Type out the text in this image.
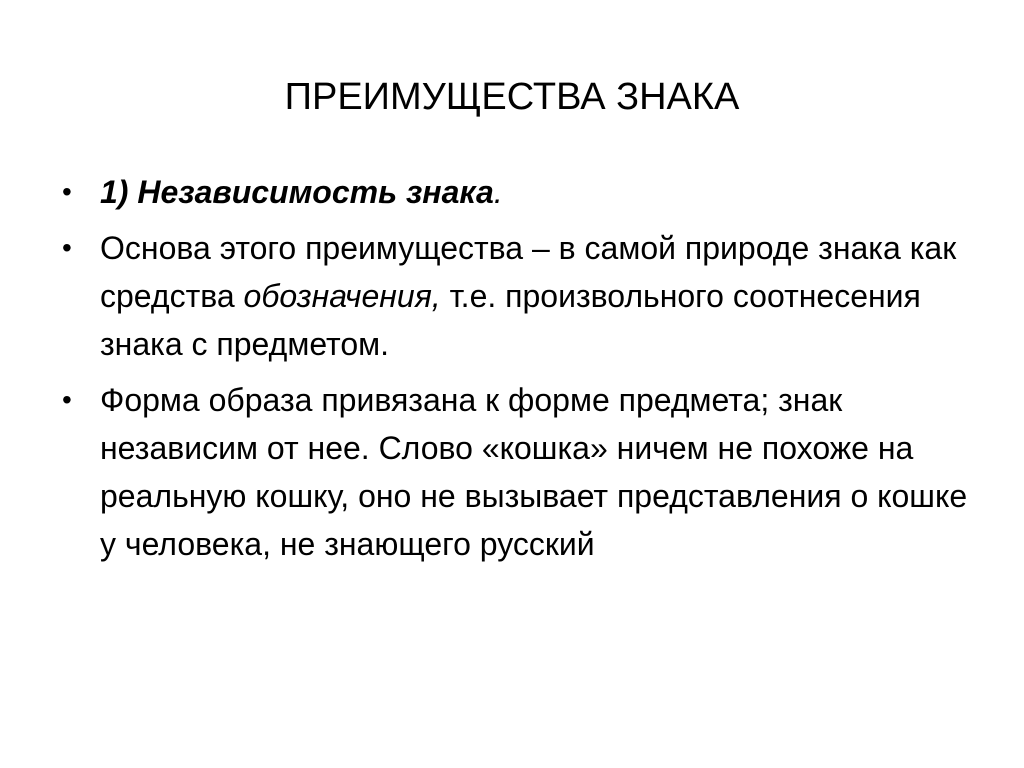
ПРЕИМУЩЕСТВА ЗНАКА
• 1) Независимость знака.
• Основа этого преимущества – в самой природе знака как средства обозначения, т.е. произвольного соотнесения знака с предметом.
• Форма образа привязана к форме предмета; знак независим от нее. Слово «кошка» ничем не похоже на реальную кошку, оно не вызывает представления о кошке у человека, не знающего русский
